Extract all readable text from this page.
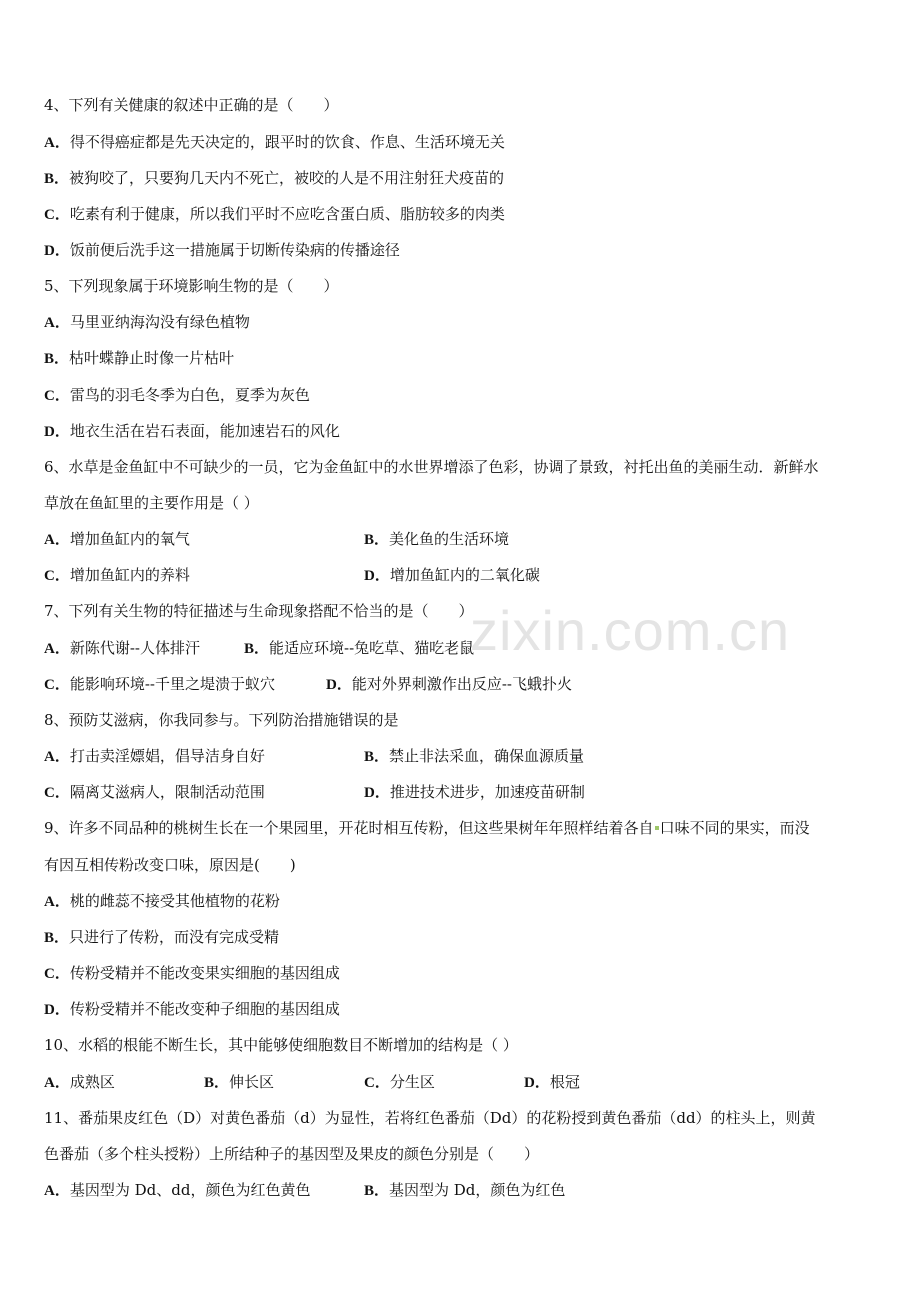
zixin.com.cn
4、下列有关健康的叙述中正确的是（　　）
A．得不得癌症都是先天决定的，跟平时的饮食、作息、生活环境无关
B．被狗咬了，只要狗几天内不死亡，被咬的人是不用注射狂犬疫苗的
C．吃素有利于健康，所以我们平时不应吃含蛋白质、脂肪较多的肉类
D．饭前便后洗手这一措施属于切断传染病的传播途径
5、下列现象属于环境影响生物的是（　　）
A．马里亚纳海沟没有绿色植物
B．枯叶蝶静止时像一片枯叶
C．雷鸟的羽毛冬季为白色，夏季为灰色
D．地衣生活在岩石表面，能加速岩石的风化
6、水草是金鱼缸中不可缺少的一员，它为金鱼缸中的水世界增添了色彩，协调了景致，衬托出鱼的美丽生动．新鲜水
草放在鱼缸里的主要作用是（ ）
A．增加鱼缸内的氧气	B．美化鱼的生活环境
C．增加鱼缸内的养料	D．增加鱼缸内的二氧化碳
7、下列有关生物的特征描述与生命现象搭配不恰当的是（　　）
A．新陈代谢--人体排汗	B．能适应环境--兔吃草、猫吃老鼠
C．能影响环境--千里之堤溃于蚁穴	D．能对外界刺激作出反应--飞蛾扑火
8、预防艾滋病，你我同参与。下列防治措施错误的是
A．打击卖淫嫖娼，倡导洁身自好	B．禁止非法采血，确保血源质量
C．隔离艾滋病人，限制活动范围	D．推进技术进步，加速疫苗研制
9、许多不同品种的桃树生长在一个果园里，开花时相互传粉，但这些果树年年照样结着各自 口味不同的果实，而没
有因互相传粉改变口味，原因是(　　)
A．桃的雌蕊不接受其他植物的花粉
B．只进行了传粉，而没有完成受精
C．传粉受精并不能改变果实细胞的基因组成
D．传粉受精并不能改变种子细胞的基因组成
10、水稻的根能不断生长，其中能够使细胞数目不断增加的结构是（ ）
A．成熟区	B．伸长区	C．分生区	D．根冠
11、番茄果皮红色（D）对黄色番茄（d）为显性，若将红色番茄（Dd）的花粉授到黄色番茄（dd）的柱头上，则黄
色番茄（多个柱头授粉）上所结种子的基因型及果皮的颜色分别是（　　）
A．基因型为 Dd、dd，颜色为红色黄色	B．基因型为 Dd，颜色为红色
